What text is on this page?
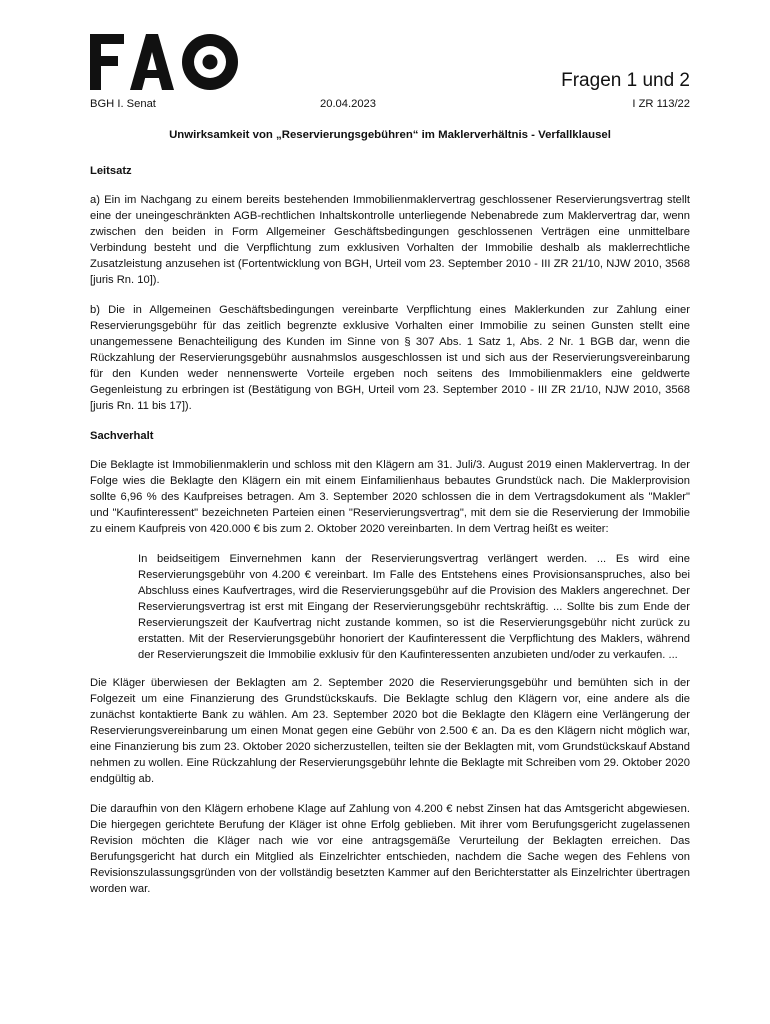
Fragen 1 und 2
BGH I. Senat	20.04.2023	I ZR 113/22
Unwirksamkeit von „Reservierungsgebühren“ im Maklerverhältnis - Verfallklausel
Leitsatz

a) Ein im Nachgang zu einem bereits bestehenden Immobilienmaklervertrag geschlossener Reservierungsvertrag stellt eine der uneingeschränkten AGB-rechtlichen Inhaltskontrolle unterliegende Nebenabrede zum Maklervertrag dar, wenn zwischen den beiden in Form Allgemeiner Geschäftsbedingungen geschlossenen Verträgen eine unmittelbare Verbindung besteht und die Verpflichtung zum exklusiven Vorhalten der Immobilie deshalb als maklerrechtliche Zusatzleistung anzusehen ist (Fortentwicklung von BGH, Urteil vom 23. September 2010 - III ZR 21/10, NJW 2010, 3568 [juris Rn. 10]).

b) Die in Allgemeinen Geschäftsbedingungen vereinbarte Verpflichtung eines Maklerkunden zur Zahlung einer Reservierungsgebühr für das zeitlich begrenzte exklusive Vorhalten einer Immobilie zu seinen Gunsten stellt eine unangemessene Benachteiligung des Kunden im Sinne von § 307 Abs. 1 Satz 1, Abs. 2 Nr. 1 BGB dar, wenn die Rückzahlung der Reservierungsgebühr ausnahmslos ausgeschlossen ist und sich aus der Reservierungsvereinbarung für den Kunden weder nennenswerte Vorteile ergeben noch seitens des Immobilienmaklers eine geldwerte Gegenleistung zu erbringen ist (Bestätigung von BGH, Urteil vom 23. September 2010 - III ZR 21/10, NJW 2010, 3568 [juris Rn. 11 bis 17]).

Sachverhalt

Die Beklagte ist Immobilienmaklerin und schloss mit den Klägern am 31. Juli/3. August 2019 einen Maklervertrag. In der Folge wies die Beklagte den Klägern ein mit einem Einfamilienhaus bebautes Grundstück nach. Die Maklerprovision sollte 6,96 % des Kaufpreises betragen. Am 3. September 2020 schlossen die in dem Vertragsdokument als "Makler" und "Kaufinteressent" bezeichneten Parteien einen "Reservierungsvertrag", mit dem sie die Reservierung der Immobilie zu einem Kaufpreis von 420.000 € bis zum 2. Oktober 2020 vereinbarten. In dem Vertrag heißt es weiter:

In beidseitigem Einvernehmen kann der Reservierungsvertrag verlängert werden. ... Es wird eine Reservierungsgebühr von 4.200 € vereinbart. Im Falle des Entstehens eines Provisionsanspruches, also bei Abschluss eines Kaufvertrages, wird die Reservierungsgebühr auf die Provision des Maklers angerechnet. Der Reservierungsvertrag ist erst mit Eingang der Reservierungsgebühr rechtskräftig. ... Sollte bis zum Ende der Reservierungszeit der Kaufvertrag nicht zustande kommen, so ist die Reservierungsgebühr nicht zurück zu erstatten. Mit der Reservierungsgebühr honoriert der Kaufinteressent die Verpflichtung des Maklers, während der Reservierungszeit die Immobilie exklusiv für den Kaufinteressenten anzubieten und/oder zu verkaufen. ...

Die Kläger überwiesen der Beklagten am 2. September 2020 die Reservierungsgebühr und bemühten sich in der Folgezeit um eine Finanzierung des Grundstückskaufs. Die Beklagte schlug den Klägern vor, eine andere als die zunächst kontaktierte Bank zu wählen. Am 23. September 2020 bot die Beklagte den Klägern eine Verlängerung der Reservierungsvereinbarung um einen Monat gegen eine Gebühr von 2.500 € an. Da es den Klägern nicht möglich war, eine Finanzierung bis zum 23. Oktober 2020 sicherzustellen, teilten sie der Beklagten mit, vom Grundstückskauf Abstand nehmen zu wollen. Eine Rückzahlung der Reservierungsgebühr lehnte die Beklagte mit Schreiben vom 29. Oktober 2020 endgültig ab.

Die daraufhin von den Klägern erhobene Klage auf Zahlung von 4.200 € nebst Zinsen hat das Amtsgericht abgewiesen. Die hiergegen gerichtete Berufung der Kläger ist ohne Erfolg geblieben. Mit ihrer vom Berufungsgericht zugelassenen Revision möchten die Kläger nach wie vor eine antragsgemäße Verurteilung der Beklagten erreichen. Das Berufungsgericht hat durch ein Mitglied als Einzelrichter entschieden, nachdem die Sache wegen des Fehlens von Revisionszulassungsgründen von der vollständig besetzten Kammer auf den Berichterstatter als Einzelrichter übertragen worden war.
